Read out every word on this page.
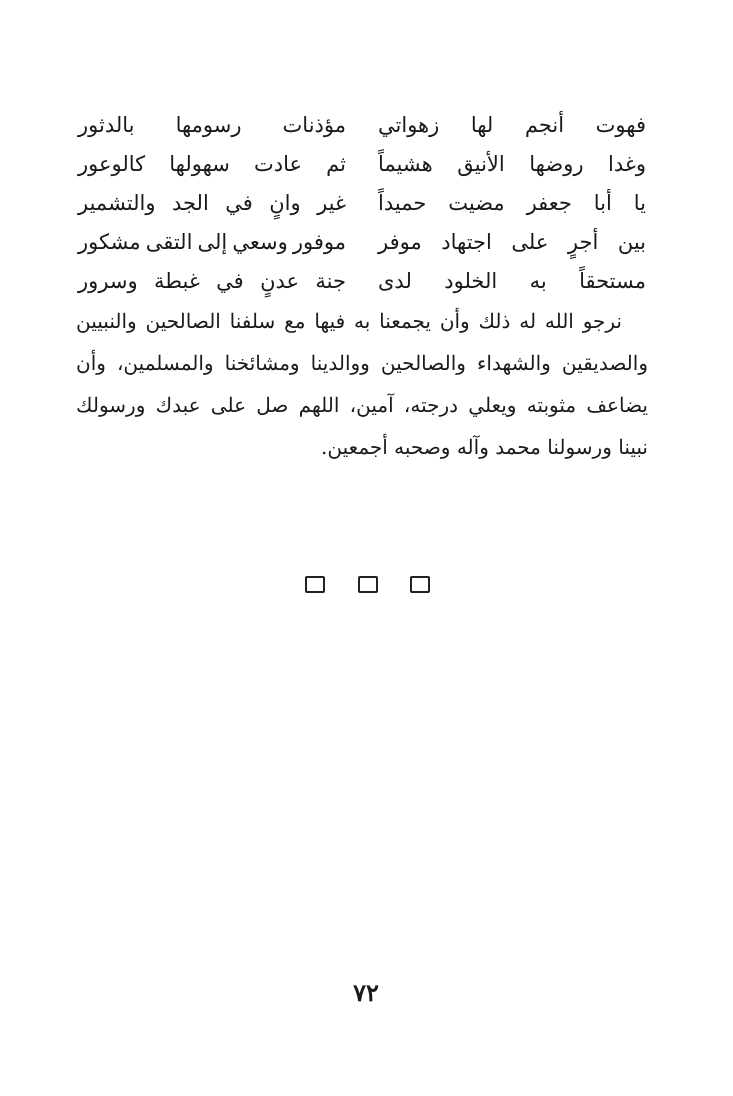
فهوت
أنجم
لها
زهواتي
مؤذنات
رسومها
بالدثور
وغدا
روضها
الأنيق
هشيماً
ثم
عادت
سهولها
كالوعور
يا
أبا
جعفر
مضيت
حميداً
غير
وانٍ
في
الجد
والتشمير
بين
أجرٍ
على
اجتهاد
موفر
موفور
وسعي
إلى
التقى
مشكور
مستحقاً
به
الخلود
لدى
جنة
عدنٍ
في
غبطة
وسرور

نرجو الله له ذلك وأن يجمعنا به فيها مع سلفنا الصالحين والنبيين والصديقين والشهداء والصالحين ووالدينا ومشائخنا والمسلمين، وأن يضاعف مثوبته ويعلي درجته، آمين، اللهم صل على عبدك ورسولك نبينا ورسولنا محمد وآله وصحبه أجمعين.

٧٢
